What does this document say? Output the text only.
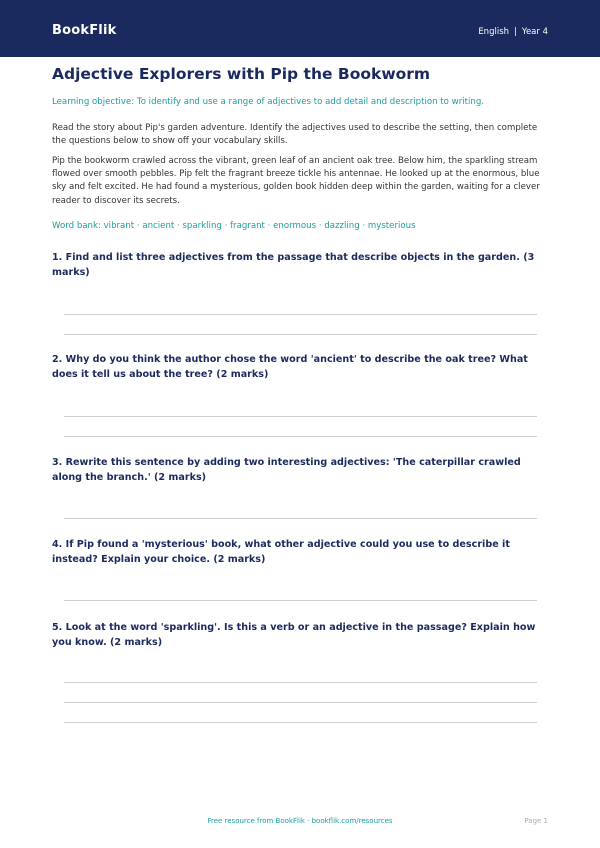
BookFlik	English | Year 4
Adjective Explorers with Pip the Bookworm

Learning objective: To identify and use a range of adjectives to add detail and description to writing.

Read the story about Pip's garden adventure. Identify the adjectives used to describe the setting, then complete the questions below to show off your vocabulary skills.

Pip the bookworm crawled across the vibrant, green leaf of an ancient oak tree. Below him, the sparkling stream flowed over smooth pebbles. Pip felt the fragrant breeze tickle his antennae. He looked up at the enormous, blue sky and felt excited. He had found a mysterious, golden book hidden deep within the garden, waiting for a clever reader to discover its secrets.

Word bank: vibrant · ancient · sparkling · fragrant · enormous · dazzling · mysterious

1. Find and list three adjectives from the passage that describe objects in the garden. (3 marks)

2. Why do you think the author chose the word 'ancient' to describe the oak tree? What does it tell us about the tree? (2 marks)

3. Rewrite this sentence by adding two interesting adjectives: 'The caterpillar crawled along the branch.' (2 marks)

4. If Pip found a 'mysterious' book, what other adjective could you use to describe it instead? Explain your choice. (2 marks)

5. Look at the word 'sparkling'. Is this a verb or an adjective in the passage? Explain how you know. (2 marks)

Free resource from BookFlik · bookflik.com/resources	Page 1
